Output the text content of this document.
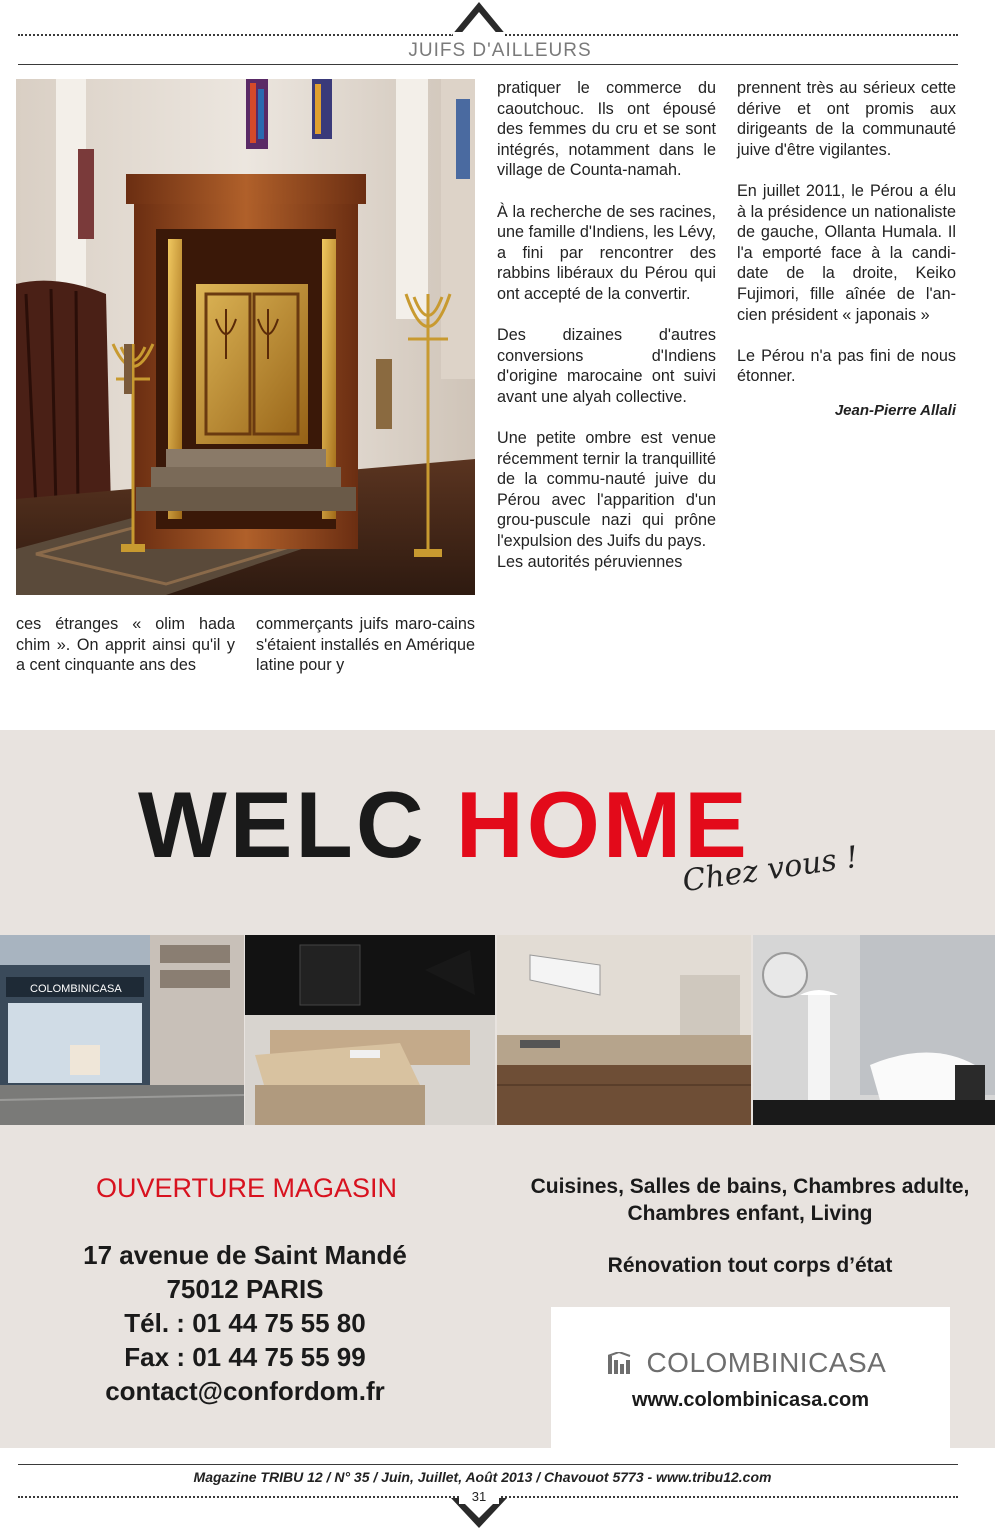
JUIFS D'AILLEURS

ces étranges « olim hada chim ». On apprit ainsi qu'il y a cent cinquante ans des

commerçants juifs maro-cains s'étaient installés en Amérique latine pour y

pratiquer le commerce du caoutchouc. Ils ont épousé des femmes du cru et se sont intégrés, notamment dans le village de Counta-namah.

À la recherche de ses racines, une famille d'Indiens, les Lévy, a fini par rencontrer des rabbins libéraux du Pérou qui ont accepté de la convertir.

Des dizaines d'autres conversions d'Indiens d'origine marocaine ont suivi avant une alyah collective.

Une petite ombre est venue récemment ternir la tranquillité de la commu-nauté juive du Pérou avec l'apparition d'un grou-puscule nazi qui prône l'expulsion des Juifs du pays.

Les autorités péruviennes

prennent très au sérieux cette dérive et ont promis aux dirigeants de la communauté juive d'être vigilantes.

En juillet 2011, le Pérou a élu à la présidence un nationaliste de gauche, Ollanta Humala. Il l'a emporté face à la candi-date de la droite, Keiko Fujimori, fille aînée de l'an-cien président « japonais »

Le Pérou n'a pas fini de nous étonner.

Jean-Pierre Allali

WELC HOME
Chez vous !
COLOMBINICASA
OUVERTURE MAGASIN
17 avenue de Saint Mandé
75012 PARIS
Tél. : 01 44 75 55 80
Fax : 01 44 75 55 99
contact@confordom.fr
Cuisines, Salles de bains, Chambres adulte,
Chambres enfant, Living
Rénovation tout corps d’état
COLOMBINICASA
www.colombinicasa.com
Magazine TRIBU 12 / N° 35 / Juin, Juillet, Août 2013 / Chavouot 5773 - www.tribu12.com
31
